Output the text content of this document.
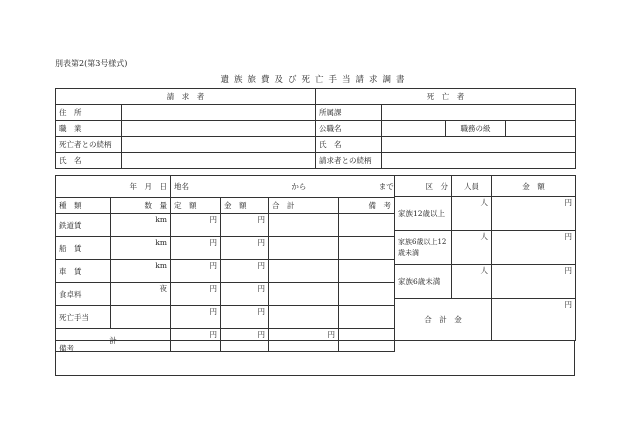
別表第2(第3号様式)
遺族旅費及び死亡手当請求調書
請　求　者		死　亡　者			
住　所		所属課			
職　業		公職名		職務の級	
死亡者との続柄		氏　名			
氏　名		請求者との続柄			
年　月　日		地名 から まで			
種　類	数　量	定　額	金　額	合　計	備　考
鉄道賃	km	円	円		
船　賃	km	円	円		
車　賃	km	円	円		
食卓料	夜	円	円		
死亡手当		円	円		
計		円	円	円	
区　分	人員	金　額
家族12歳以上	人	円
家族6歳以上12歳未満	人	円
家族6歳未満	人	円
合　計　金		円
備考
